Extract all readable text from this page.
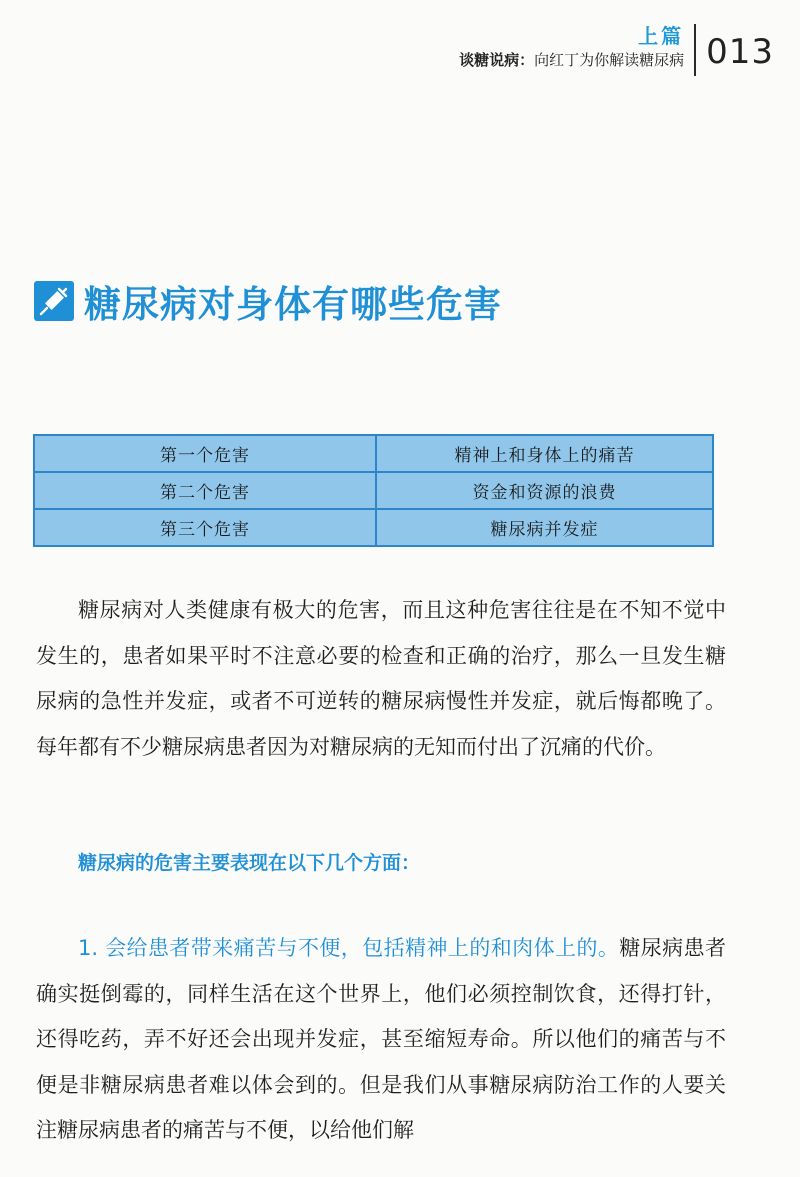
上篇
谈糖说病：向红丁为你解读糖尿病 013
糖尿病对身体有哪些危害
第一个危害	精神上和身体上的痛苦
第二个危害	资金和资源的浪费
第三个危害	糖尿病并发症

糖尿病对人类健康有极大的危害，而且这种危害往往是在不知不觉中发生的，患者如果平时不注意必要的检查和正确的治疗，那么一旦发生糖尿病的急性并发症，或者不可逆转的糖尿病慢性并发症，就后悔都晚了。每年都有不少糖尿病患者因为对糖尿病的无知而付出了沉痛的代价。

糖尿病的危害主要表现在以下几个方面：

1. 会给患者带来痛苦与不便，包括精神上的和肉体上的。糖尿病患者确实挺倒霉的，同样生活在这个世界上，他们必须控制饮食，还得打针，还得吃药，弄不好还会出现并发症，甚至缩短寿命。所以他们的痛苦与不便是非糖尿病患者难以体会到的。但是我们从事糖尿病防治工作的人要关注糖尿病患者的痛苦与不便，以给他们解
